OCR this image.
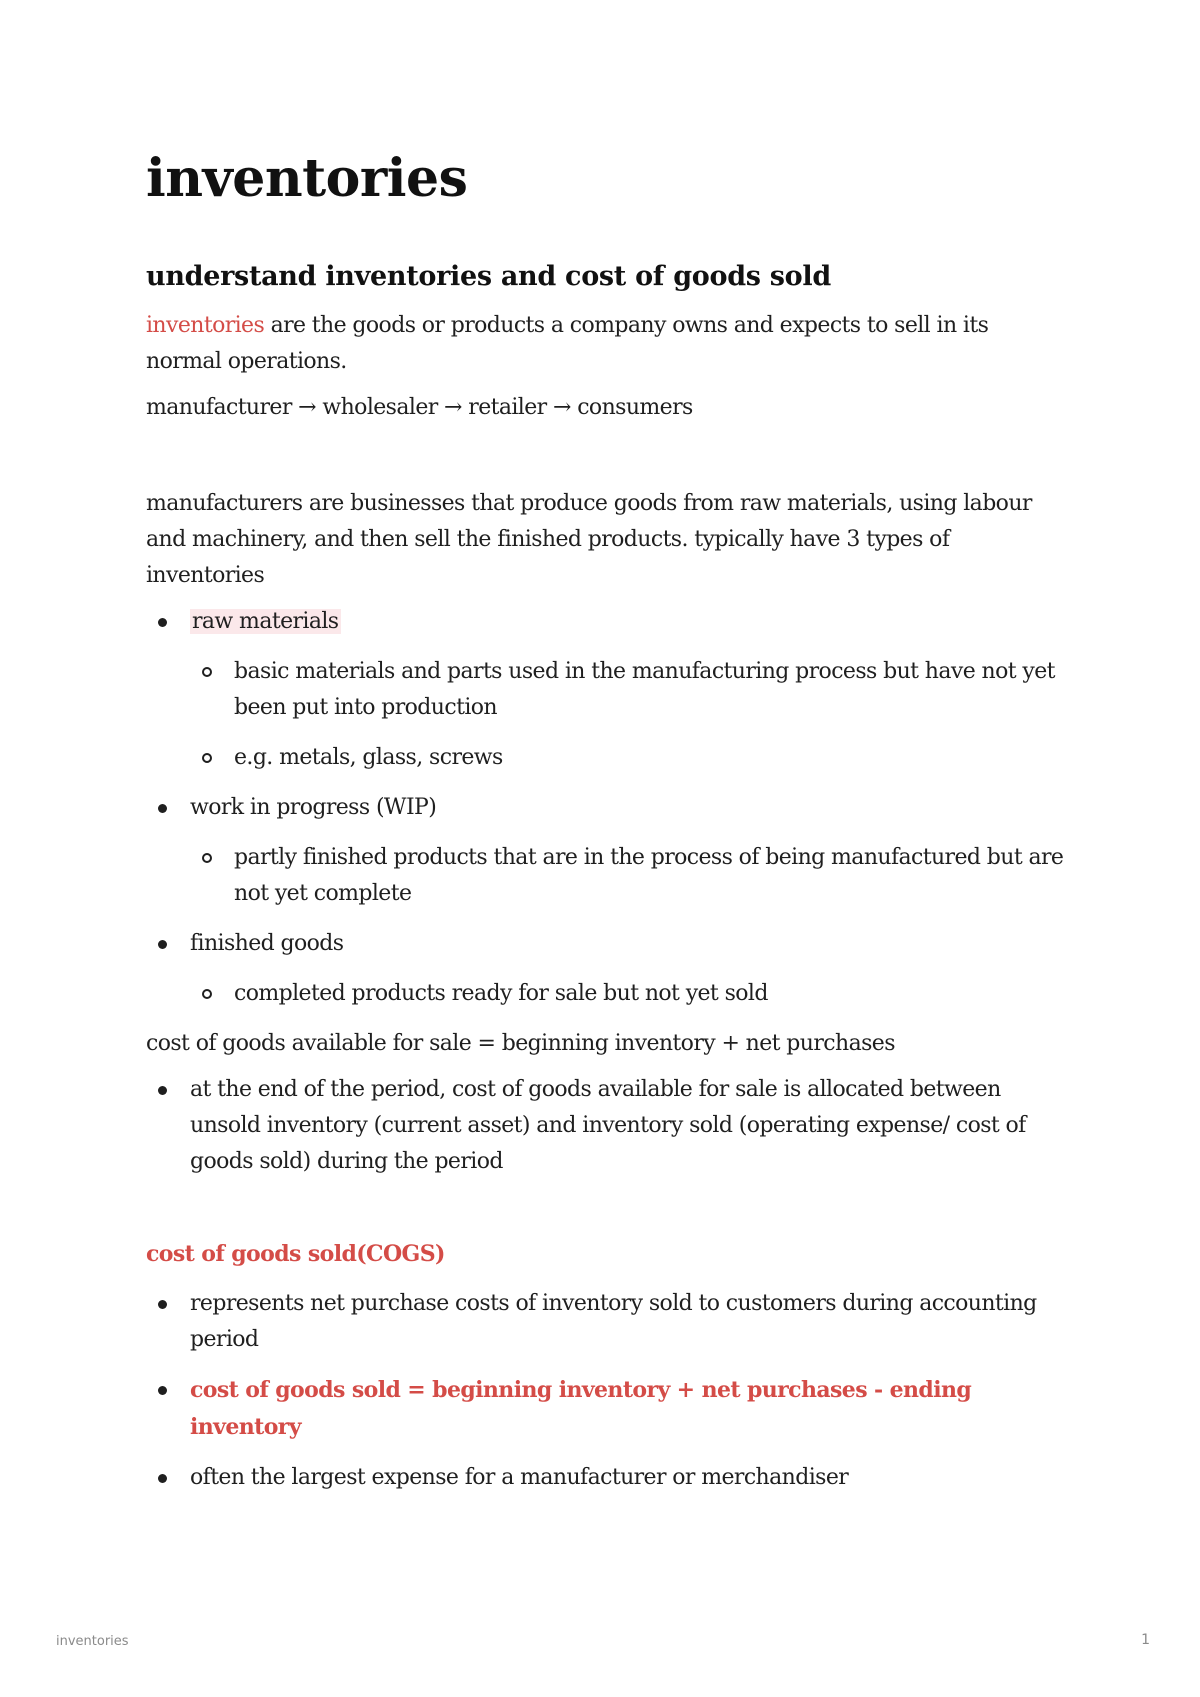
inventories
understand inventories and cost of goods sold

inventories are the goods or products a company owns and expects to sell in its normal operations.

manufacturer → wholesaler → retailer → consumers

manufacturers are businesses that produce goods from raw materials, using labour and machinery, and then sell the finished products. typically have 3 types of inventories

raw materials
basic materials and parts used in the manufacturing process but have not yet been put into production
e.g. metals, glass, screws
work in progress (WIP)
partly finished products that are in the process of being manufactured but are not yet complete
finished goods
completed products ready for sale but not yet sold

cost of goods available for sale = beginning inventory + net purchases

at the end of the period, cost of goods available for sale is allocated between unsold inventory (current asset) and inventory sold (operating expense/ cost of goods sold) during the period

cost of goods sold(COGS)

represents net purchase costs of inventory sold to customers during accounting period
cost of goods sold = beginning inventory + net purchases - ending inventory
often the largest expense for a manufacturer or merchandiser
inventories	1
